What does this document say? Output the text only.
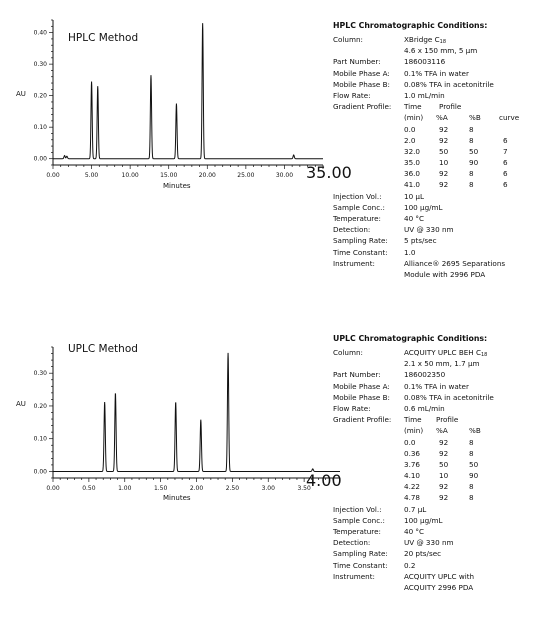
HPLC Method
35.00
AU
Minutes
0.00	5.00	10.00	15.00	20.00	25.00	30.00
0.00
0.10
0.20
0.30
0.40
UPLC Method
4.00
AU
Minutes
0.00	0.50	1.00	1.50	2.00	2.50	3.00	3.50
0.00
0.10
0.20
0.30
HPLC Chromatographic Conditions:
Column:	XBridge $C_{18}$
4.6 x 150 mm, 5 µm
Part Number:	186003116
Mobile Phase A: 0.1% TFA in water
Mobile Phase B: 0.08% TFA in acetonitrile
Flow Rate:	1.0 mL/min
Gradient Profile: Time Profile
(min) %A	%B	curve
0.0	92	8
2.0	92	8	6
32.0	50	50	7
35.0	10	90	6
36.0	92	8	6
41.0	92	8	6
Injection Vol.:	10 µL
Sample Conc.:	100 µg/mL
Temperature:	40 °C
Detection:	UV @ 330 nm
Sampling Rate: 5 pts/sec
Time Constant: 1.0
Instrument:	Alliance® 2695 Separations
Module with 2996 PDA
UPLC Chromatographic Conditions:
Column:	ACQUITY UPLC BEH $C_{18}$
2.1 x 50 mm, 1.7 µm
Part Number:	186002350
Mobile Phase A: 0.1% TFA in water
Mobile Phase B: 0.08% TFA in acetonitrile
Flow Rate:	0.6 mL/min
Gradient Profile: Time Profile
(min) %A	%B
0.0	92	8
0.36	92	8
3.76	50	50
4.10	10	90
4.22	92	8
4.78	92	8
Injection Vol.:	0.7 µL
Sample Conc.:	100 µg/mL
Temperature:	40 °C
Detection:	UV @ 330 nm
Sampling Rate: 20 pts/sec
Time Constant: 0.2
Instrument:	ACQUITY UPLC with
ACQUITY 2996 PDA
